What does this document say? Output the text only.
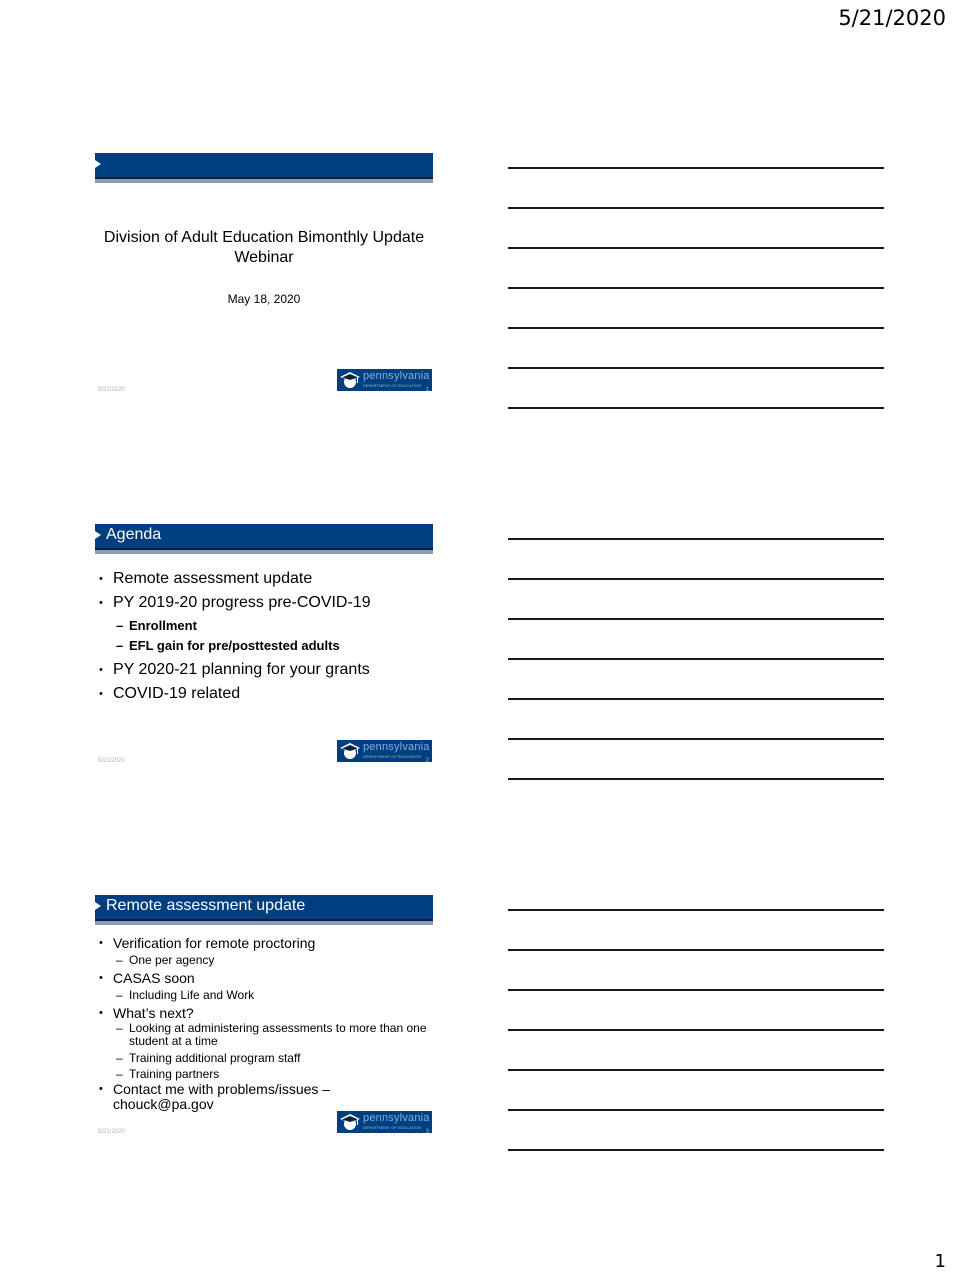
5/21/2020
Division of Adult Education Bimonthly Update Webinar
May 18, 2020
pennsylvania
DEPARTMENT OF EDUCATION
5/21/2020	1
Agenda
• Remote assessment update
• PY 2019-20 progress pre-COVID-19
– Enrollment
– EFL gain for pre/posttested adults
• PY 2020-21 planning for your grants
• COVID-19 related
pennsylvania
DEPARTMENT OF EDUCATION
5/21/2020	2
Remote assessment update
• Verification for remote proctoring
– One per agency
• CASAS soon
– Including Life and Work
• What’s next?
– Looking at administering assessments to more than one student at a time
– Training additional program staff
– Training partners
• Contact me with problems/issues – chouck@pa.gov
pennsylvania
DEPARTMENT OF EDUCATION
5/21/2020	3
1
